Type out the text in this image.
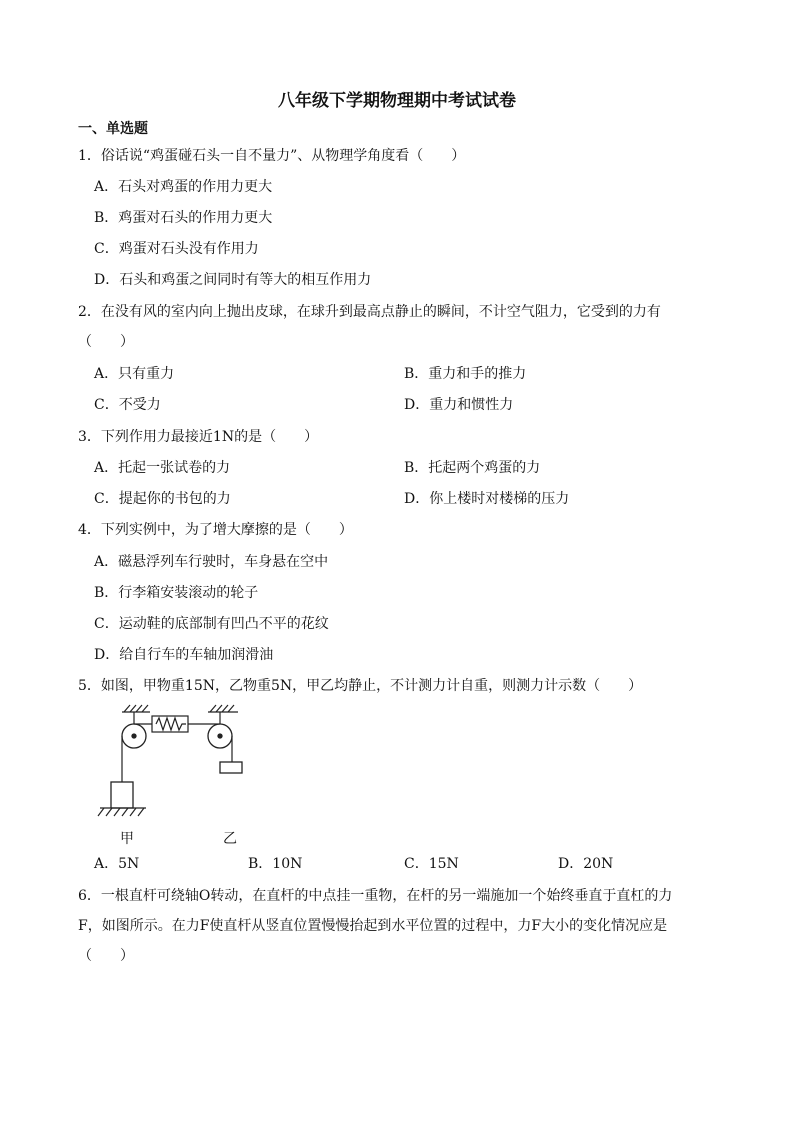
八年级下学期物理期中考试试卷
一、单选题
1．俗话说“鸡蛋碰石头一自不量力”、从物理学角度看（　　）
A．石头对鸡蛋的作用力更大
B．鸡蛋对石头的作用力更大
C．鸡蛋对石头没有作用力
D．石头和鸡蛋之间同时有等大的相互作用力
2．在没有风的室内向上抛出皮球，在球升到最高点静止的瞬间，不计空气阻力，它受到的力有
（　　）
A．只有重力	B．重力和手的推力
C．不受力	D．重力和惯性力
3．下列作用力最接近1N的是（　　）
A．托起一张试卷的力	B．托起两个鸡蛋的力
C．提起你的书包的力	D．你上楼时对楼梯的压力
4．下列实例中，为了增大摩擦的是（　　）
A．磁悬浮列车行驶时，车身悬在空中
B．行李箱安装滚动的轮子
C．运动鞋的底部制有凹凸不平的花纹
D．给自行车的车轴加润滑油
5．如图，甲物重15N，乙物重5N，甲乙均静止，不计测力计自重，则测力计示数（　　）
甲	乙
A．5N	B．10N	C．15N	D．20N
6．一根直杆可绕轴O转动，在直杆的中点挂一重物，在杆的另一端施加一个始终垂直于直杠的力
F，如图所示。在力F使直杆从竖直位置慢慢抬起到水平位置的过程中，力F大小的变化情况应是
（　　）
